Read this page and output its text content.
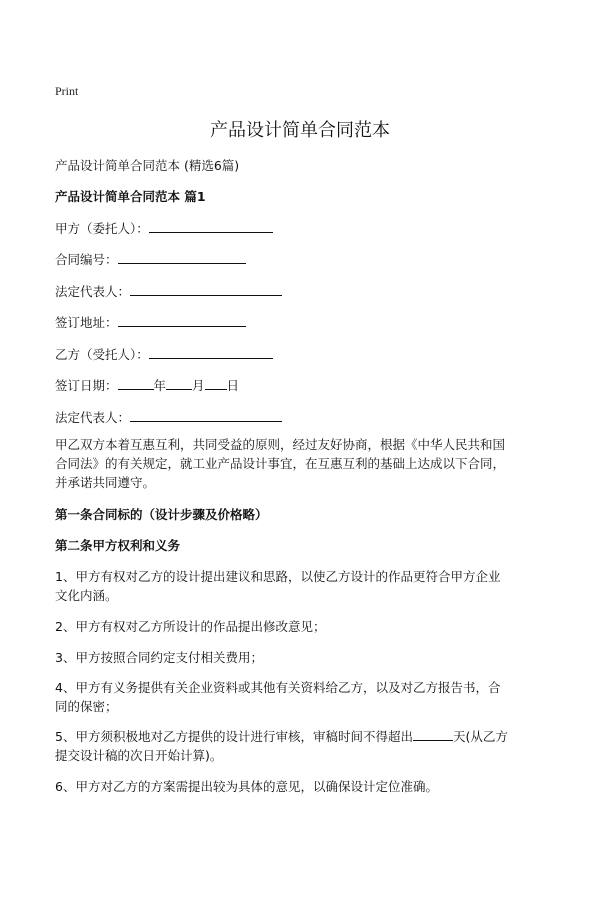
Print
产品设计简单合同范本
产品设计简单合同范本 (精选6篇)
产品设计简单合同范本 篇1
甲方（委托人）：
合同编号：
法定代表人：
签订地址：
乙方（受托人）：
签订日期：	年 月 日
法定代表人：
甲乙双方本着互惠互利，共同受益的原则，经过友好协商，根据《中华人民共和国
合同法》的有关规定，就工业产品设计事宜，在互惠互利的基础上达成以下合同，
并承诺共同遵守。
第一条合同标的（设计步骤及价格略）
第二条甲方权利和义务
1、甲方有权对乙方的设计提出建议和思路，以使乙方设计的作品更符合甲方企业
文化内涵。
2、甲方有权对乙方所设计的作品提出修改意见；
3、甲方按照合同约定支付相关费用；
4、甲方有义务提供有关企业资料或其他有关资料给乙方，以及对乙方报告书，合
同的保密；
5、甲方须积极地对乙方提供的设计进行审核，审稿时间不得超出	天(从乙方
提交设计稿的次日开始计算)。
6、甲方对乙方的方案需提出较为具体的意见，以确保设计定位准确。
